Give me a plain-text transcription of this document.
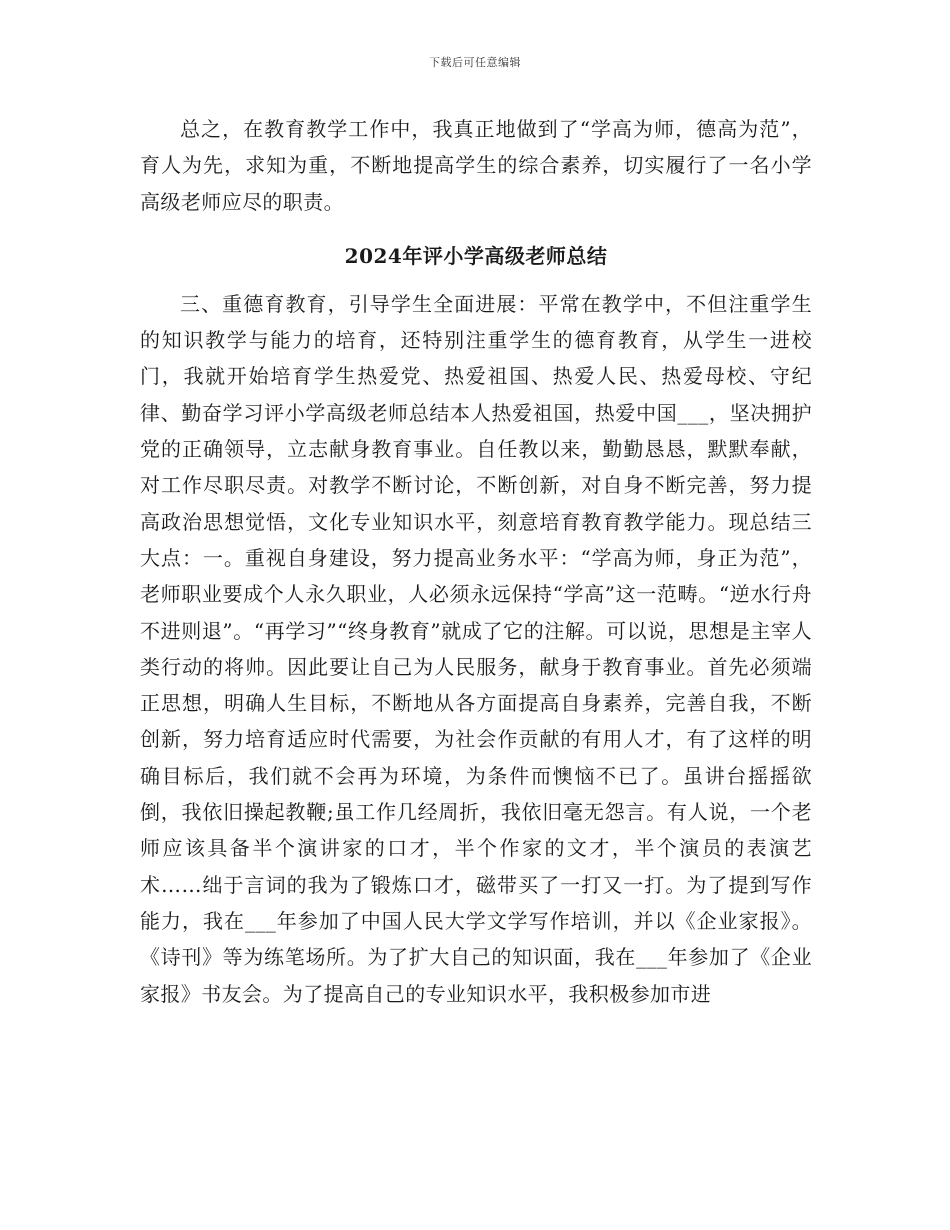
下载后可任意编辑

总之，在教育教学工作中，我真正地做到了“学高为师，德高为范”，育人为先，求知为重，不断地提高学生的综合素养，切实履行了一名小学高级老师应尽的职责。

2024年评小学高级老师总结

三、重德育教育，引导学生全面进展：平常在教学中，不但注重学生的知识教学与能力的培育，还特别注重学生的德育教育，从学生一进校门，我就开始培育学生热爱党、热爱祖国、热爱人民、热爱母校、守纪律、勤奋学习评小学高级老师总结本人热爱祖国，热爱中国___，坚决拥护党的正确领导，立志献身教育事业。自任教以来，勤勤恳恳，默默奉献，对工作尽职尽责。对教学不断讨论，不断创新，对自身不断完善，努力提高政治思想觉悟，文化专业知识水平，刻意培育教育教学能力。现总结三大点：一。重视自身建设，努力提高业务水平：“学高为师，身正为范”，老师职业要成个人永久职业，人必须永远保持“学高”这一范畴。“逆水行舟不进则退”。“再学习”“终身教育”就成了它的注解。可以说，思想是主宰人类行动的将帅。因此要让自己为人民服务，献身于教育事业。首先必须端正思想，明确人生目标，不断地从各方面提高自身素养，完善自我，不断创新，努力培育适应时代需要，为社会作贡献的有用人才，有了这样的明确目标后，我们就不会再为环境，为条件而懊恼不已了。虽讲台摇摇欲倒，我依旧操起教鞭;虽工作几经周折，我依旧毫无怨言。有人说，一个老师应该具备半个演讲家的口才，半个作家的文才，半个演员的表演艺术……绌于言词的我为了锻炼口才，磁带买了一打又一打。为了提到写作能力，我在___年参加了中国人民大学文学写作培训，并以《企业家报》。《诗刊》等为练笔场所。为了扩大自己的知识面，我在___年参加了《企业家报》书友会。为了提高自己的专业知识水平，我积极参加市进
